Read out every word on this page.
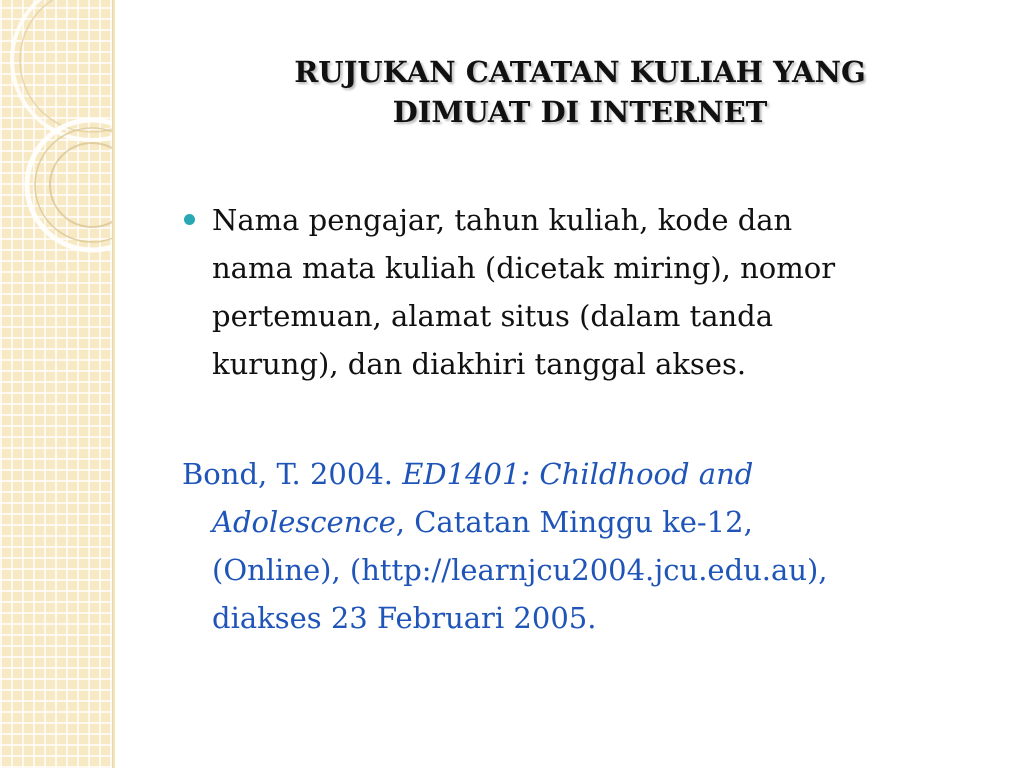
RUJUKAN CATATAN KULIAH YANG
DIMUAT DI INTERNET
Nama pengajar, tahun kuliah, kode dan
nama mata kuliah (dicetak miring), nomor
pertemuan, alamat situs (dalam tanda
kurung), dan diakhiri tanggal akses.

Bond, T. 2004. ED1401: Childhood and
Adolescence, Catatan Minggu ke-12,
(Online), (http://learnjcu2004.jcu.edu.au),
diakses 23 Februari 2005.
